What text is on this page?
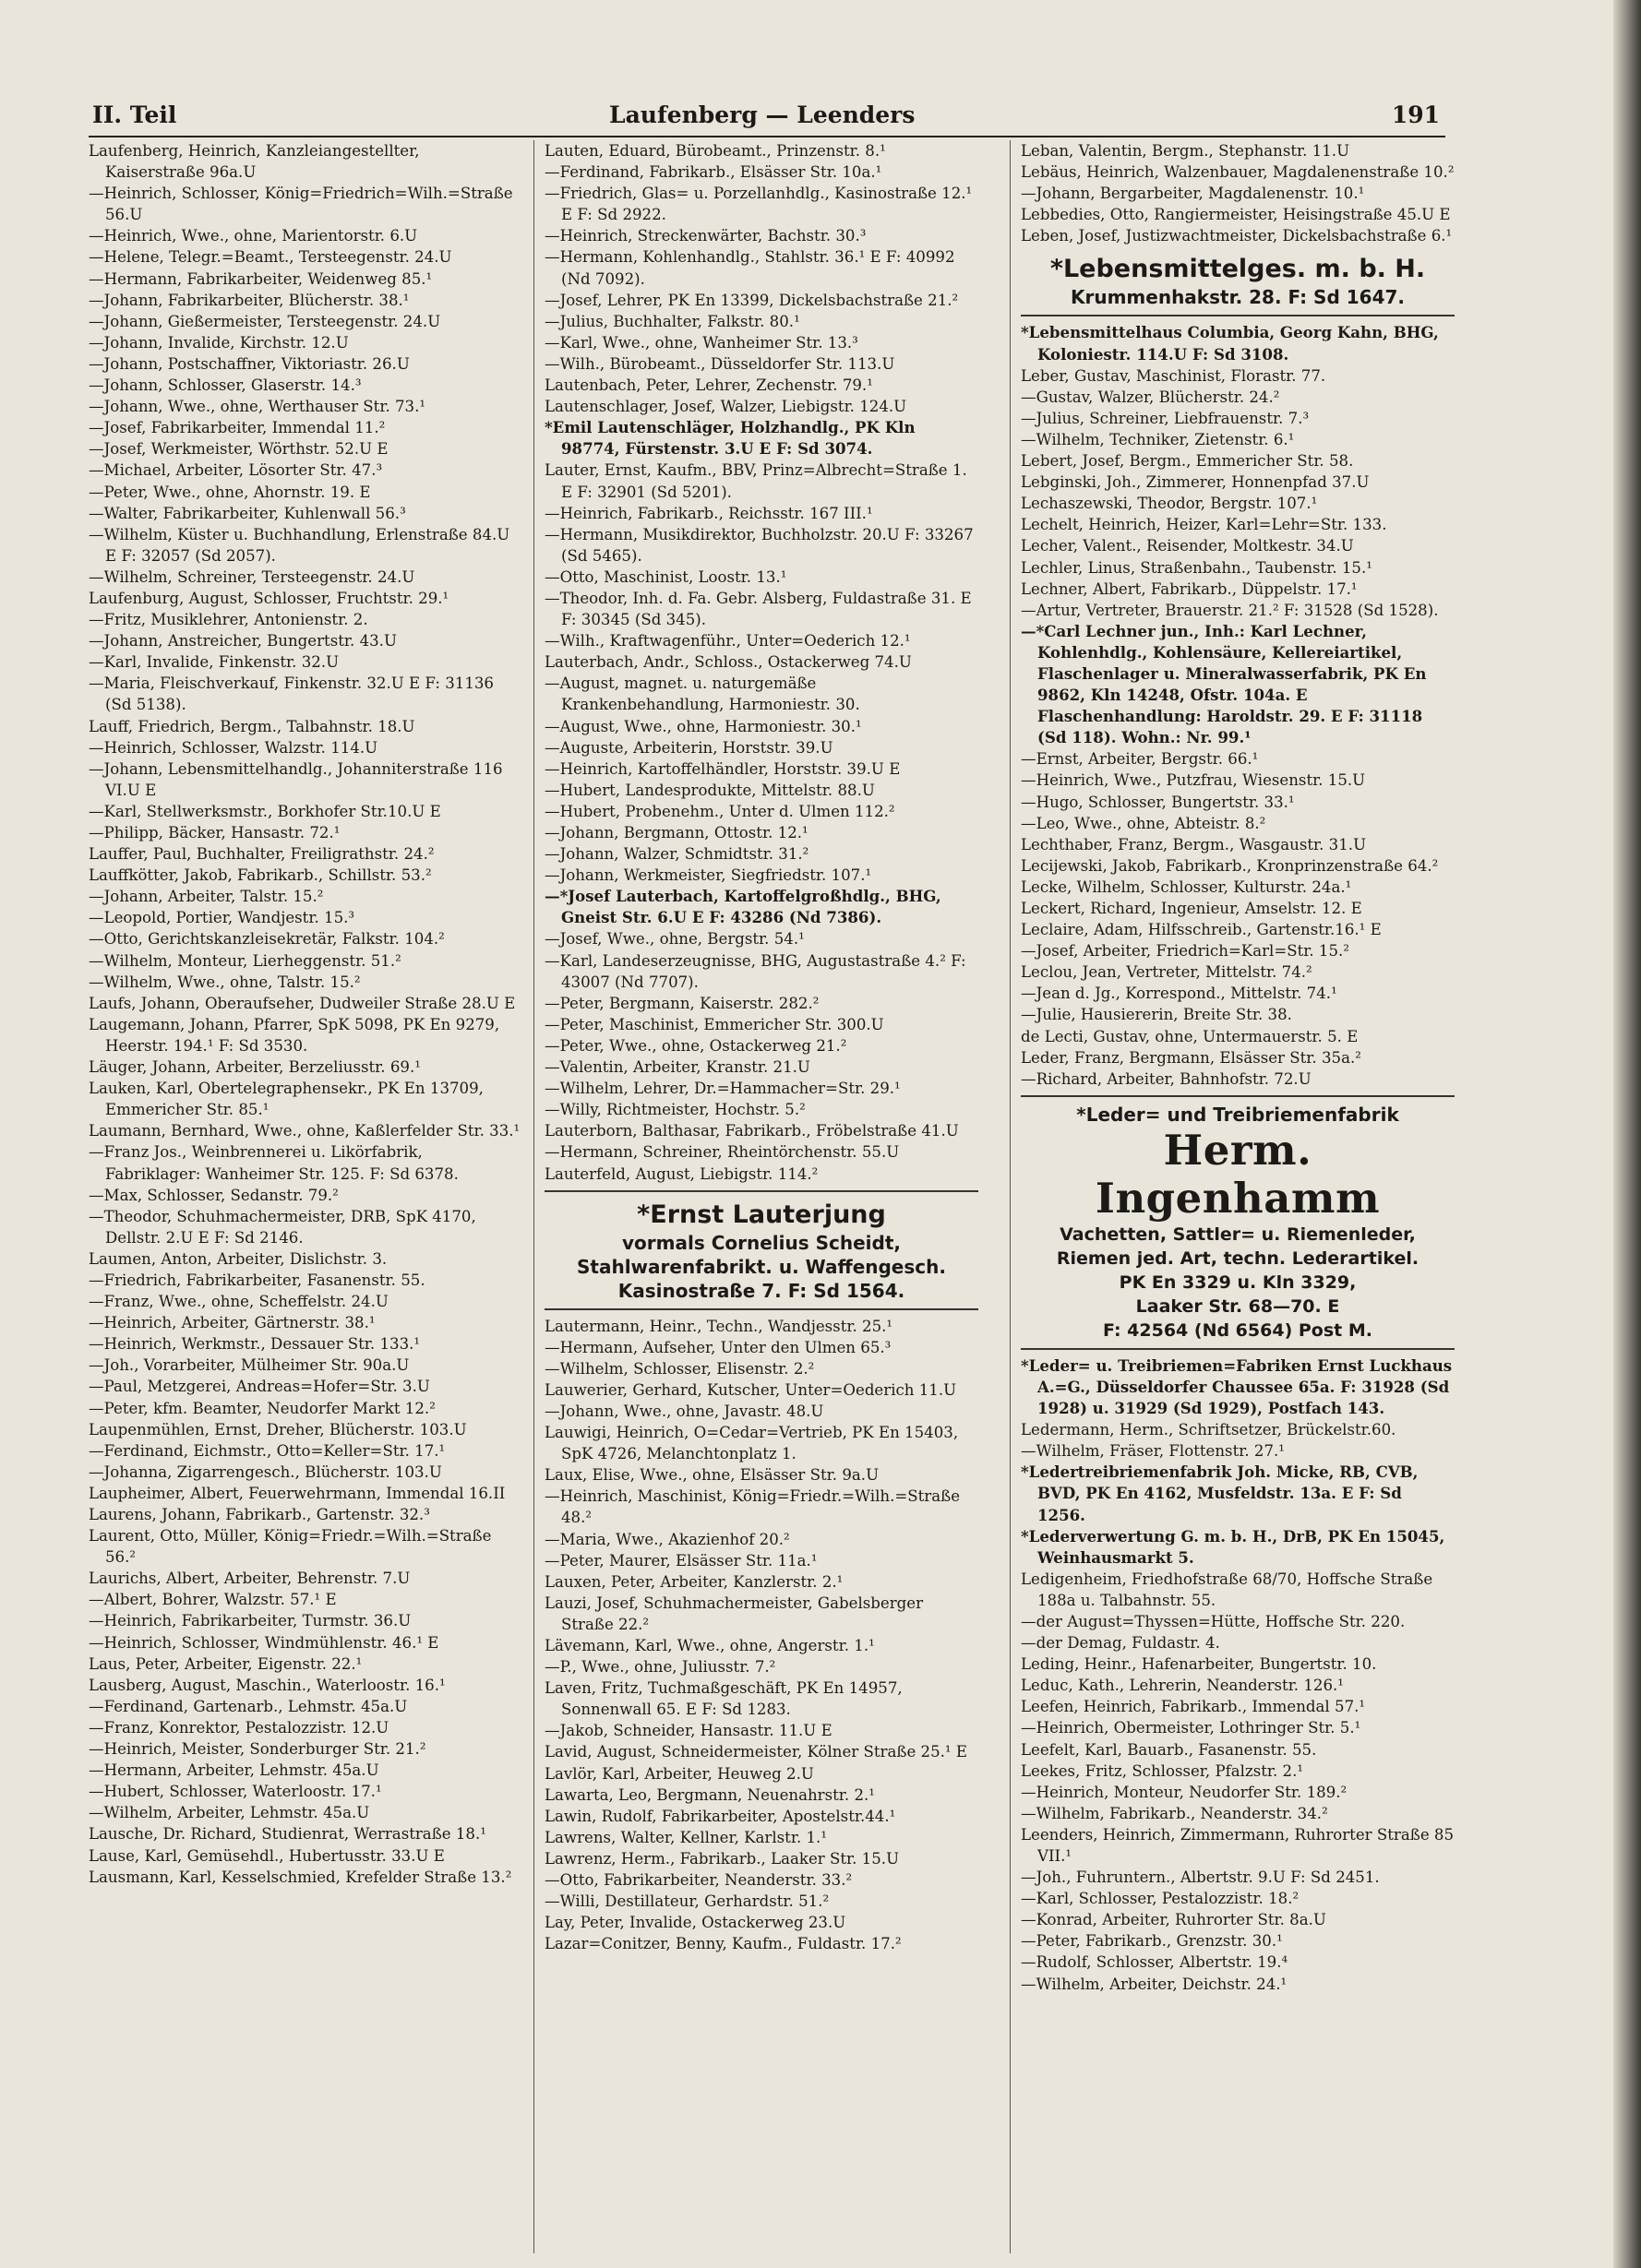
II. Teil	Laufenberg — Leenders	191

Laufenberg, Heinrich, Kanzleiangestellter, Kaiserstraße 96a.U

—Heinrich, Schlosser, König=Friedrich=Wilh.=Straße 56.U

—Heinrich, Wwe., ohne, Marientorstr. 6.U

—Helene, Telegr.=Beamt., Tersteegenstr. 24.U

—Hermann, Fabrikarbeiter, Weidenweg 85.¹

—Johann, Fabrikarbeiter, Blücherstr. 38.¹

—Johann, Gießermeister, Tersteegenstr. 24.U

—Johann, Invalide, Kirchstr. 12.U

—Johann, Postschaffner, Viktoriastr. 26.U

—Johann, Schlosser, Glaserstr. 14.³

—Johann, Wwe., ohne, Werthauser Str. 73.¹

—Josef, Fabrikarbeiter, Immendal 11.²

—Josef, Werkmeister, Wörthstr. 52.U E

—Michael, Arbeiter, Lösorter Str. 47.³

—Peter, Wwe., ohne, Ahornstr. 19. E

—Walter, Fabrikarbeiter, Kuhlenwall 56.³

—Wilhelm, Küster u. Buchhandlung, Erlenstraße 84.U E F: 32057 (Sd 2057).

—Wilhelm, Schreiner, Tersteegenstr. 24.U

Laufenburg, August, Schlosser, Fruchtstr. 29.¹

—Fritz, Musiklehrer, Antonienstr. 2.

—Johann, Anstreicher, Bungertstr. 43.U

—Karl, Invalide, Finkenstr. 32.U

—Maria, Fleischverkauf, Finkenstr. 32.U E F: 31136 (Sd 5138).

Lauff, Friedrich, Bergm., Talbahnstr. 18.U

—Heinrich, Schlosser, Walzstr. 114.U

—Johann, Lebensmittelhandlg., Johanniterstraße 116 VI.U E

—Karl, Stellwerksmstr., Borkhofer Str.10.U E

—Philipp, Bäcker, Hansastr. 72.¹

Lauffer, Paul, Buchhalter, Freiligrathstr. 24.²

Lauffkötter, Jakob, Fabrikarb., Schillstr. 53.²

—Johann, Arbeiter, Talstr. 15.²

—Leopold, Portier, Wandjestr. 15.³

—Otto, Gerichtskanzleisekretär, Falkstr. 104.²

—Wilhelm, Monteur, Lierheggenstr. 51.²

—Wilhelm, Wwe., ohne, Talstr. 15.²

Laufs, Johann, Oberaufseher, Dudweiler Straße 28.U E

Laugemann, Johann, Pfarrer, SpK 5098, PK En 9279, Heerstr. 194.¹ F: Sd 3530.

Läuger, Johann, Arbeiter, Berzeliusstr. 69.¹

Lauken, Karl, Obertelegraphensekr., PK En 13709, Emmericher Str. 85.¹

Laumann, Bernhard, Wwe., ohne, Kaßlerfelder Str. 33.¹

—Franz Jos., Weinbrennerei u. Likörfabrik, Fabriklager: Wanheimer Str. 125. F: Sd 6378.

—Max, Schlosser, Sedanstr. 79.²

—Theodor, Schuhmachermeister, DRB, SpK 4170, Dellstr. 2.U E F: Sd 2146.

Laumen, Anton, Arbeiter, Dislichstr. 3.

—Friedrich, Fabrikarbeiter, Fasanenstr. 55.

—Franz, Wwe., ohne, Scheffelstr. 24.U

—Heinrich, Arbeiter, Gärtnerstr. 38.¹

—Heinrich, Werkmstr., Dessauer Str. 133.¹

—Joh., Vorarbeiter, Mülheimer Str. 90a.U

—Paul, Metzgerei, Andreas=Hofer=Str. 3.U

—Peter, kfm. Beamter, Neudorfer Markt 12.²

Laupenmühlen, Ernst, Dreher, Blücherstr. 103.U

—Ferdinand, Eichmstr., Otto=Keller=Str. 17.¹

—Johanna, Zigarrengesch., Blücherstr. 103.U

Laupheimer, Albert, Feuerwehrmann, Immendal 16.II

Laurens, Johann, Fabrikarb., Gartenstr. 32.³

Laurent, Otto, Müller, König=Friedr.=Wilh.=Straße 56.²

Laurichs, Albert, Arbeiter, Behrenstr. 7.U

—Albert, Bohrer, Walzstr. 57.¹ E

—Heinrich, Fabrikarbeiter, Turmstr. 36.U

—Heinrich, Schlosser, Windmühlenstr. 46.¹ E

Laus, Peter, Arbeiter, Eigenstr. 22.¹

Lausberg, August, Maschin., Waterloostr. 16.¹

—Ferdinand, Gartenarb., Lehmstr. 45a.U

—Franz, Konrektor, Pestalozzistr. 12.U

—Heinrich, Meister, Sonderburger Str. 21.²

—Hermann, Arbeiter, Lehmstr. 45a.U

—Hubert, Schlosser, Waterloostr. 17.¹

—Wilhelm, Arbeiter, Lehmstr. 45a.U

Lausche, Dr. Richard, Studienrat, Werrastraße 18.¹

Lause, Karl, Gemüsehdl., Hubertusstr. 33.U E

Lausmann, Karl, Kesselschmied, Krefelder Straße 13.²

Lauten, Eduard, Bürobeamt., Prinzenstr. 8.¹

—Ferdinand, Fabrikarb., Elsässer Str. 10a.¹

—Friedrich, Glas= u. Porzellanhdlg., Kasinostraße 12.¹ E F: Sd 2922.

—Heinrich, Streckenwärter, Bachstr. 30.³

—Hermann, Kohlenhandlg., Stahlstr. 36.¹ E F: 40992 (Nd 7092).

—Josef, Lehrer, PK En 13399, Dickelsbachstraße 21.²

—Julius, Buchhalter, Falkstr. 80.¹

—Karl, Wwe., ohne, Wanheimer Str. 13.³

—Wilh., Bürobeamt., Düsseldorfer Str. 113.U

Lautenbach, Peter, Lehrer, Zechenstr. 79.¹

Lautenschlager, Josef, Walzer, Liebigstr. 124.U

*Emil Lautenschläger, Holzhandlg., PK Kln 98774, Fürstenstr. 3.U E F: Sd 3074.

Lauter, Ernst, Kaufm., BBV, Prinz=Albrecht=Straße 1. E F: 32901 (Sd 5201).

—Heinrich, Fabrikarb., Reichsstr. 167 III.¹

—Hermann, Musikdirektor, Buchholzstr. 20.U F: 33267 (Sd 5465).

—Otto, Maschinist, Loostr. 13.¹

—Theodor, Inh. d. Fa. Gebr. Alsberg, Fuldastraße 31. E F: 30345 (Sd 345).

—Wilh., Kraftwagenführ., Unter=Oederich 12.¹

Lauterbach, Andr., Schloss., Ostackerweg 74.U

—August, magnet. u. naturgemäße Krankenbehandlung, Harmoniestr. 30.

—August, Wwe., ohne, Harmoniestr. 30.¹

—Auguste, Arbeiterin, Horststr. 39.U

—Heinrich, Kartoffelhändler, Horststr. 39.U E

—Hubert, Landesprodukte, Mittelstr. 88.U

—Hubert, Probenehm., Unter d. Ulmen 112.²

—Johann, Bergmann, Ottostr. 12.¹

—Johann, Walzer, Schmidtstr. 31.²

—Johann, Werkmeister, Siegfriedstr. 107.¹

—*Josef Lauterbach, Kartoffelgroßhdlg., BHG, Gneist Str. 6.U E F: 43286 (Nd 7386).

—Josef, Wwe., ohne, Bergstr. 54.¹

—Karl, Landeserzeugnisse, BHG, Augustastraße 4.² F: 43007 (Nd 7707).

—Peter, Bergmann, Kaiserstr. 282.²

—Peter, Maschinist, Emmericher Str. 300.U

—Peter, Wwe., ohne, Ostackerweg 21.²

—Valentin, Arbeiter, Kranstr. 21.U

—Wilhelm, Lehrer, Dr.=Hammacher=Str. 29.¹

—Willy, Richtmeister, Hochstr. 5.²

Lauterborn, Balthasar, Fabrikarb., Fröbelstraße 41.U

—Hermann, Schreiner, Rheintörchenstr. 55.U

Lauterfeld, August, Liebigstr. 114.²

*Ernst Lauterjung
vormals Cornelius Scheidt,
Stahlwarenfabrikt. u. Waffengesch.
Kasinostraße 7. F: Sd 1564.

Lautermann, Heinr., Techn., Wandjesstr. 25.¹

—Hermann, Aufseher, Unter den Ulmen 65.³

—Wilhelm, Schlosser, Elisenstr. 2.²

Lauwerier, Gerhard, Kutscher, Unter=Oederich 11.U

—Johann, Wwe., ohne, Javastr. 48.U

Lauwigi, Heinrich, O=Cedar=Vertrieb, PK En 15403, SpK 4726, Melanchtonplatz 1.

Laux, Elise, Wwe., ohne, Elsässer Str. 9a.U

—Heinrich, Maschinist, König=Friedr.=Wilh.=Straße 48.²

—Maria, Wwe., Akazienhof 20.²

—Peter, Maurer, Elsässer Str. 11a.¹

Lauxen, Peter, Arbeiter, Kanzlerstr. 2.¹

Lauzi, Josef, Schuhmachermeister, Gabelsberger Straße 22.²

Lävemann, Karl, Wwe., ohne, Angerstr. 1.¹

—P., Wwe., ohne, Juliusstr. 7.²

Laven, Fritz, Tuchmaßgeschäft, PK En 14957, Sonnenwall 65. E F: Sd 1283.

—Jakob, Schneider, Hansastr. 11.U E

Lavid, August, Schneidermeister, Kölner Straße 25.¹ E

Lavlör, Karl, Arbeiter, Heuweg 2.U

Lawarta, Leo, Bergmann, Neuenahrstr. 2.¹

Lawin, Rudolf, Fabrikarbeiter, Apostelstr.44.¹

Lawrens, Walter, Kellner, Karlstr. 1.¹

Lawrenz, Herm., Fabrikarb., Laaker Str. 15.U

—Otto, Fabrikarbeiter, Neanderstr. 33.²

—Willi, Destillateur, Gerhardstr. 51.²

Lay, Peter, Invalide, Ostackerweg 23.U

Lazar=Conitzer, Benny, Kaufm., Fuldastr. 17.²

Leban, Valentin, Bergm., Stephanstr. 11.U

Lebäus, Heinrich, Walzenbauer, Magdalenenstraße 10.²

—Johann, Bergarbeiter, Magdalenenstr. 10.¹

Lebbedies, Otto, Rangiermeister, Heisingstraße 45.U E

Leben, Josef, Justizwachtmeister, Dickelsbachstraße 6.¹

*Lebensmittelges. m. b. H.
Krummenhakstr. 28. F: Sd 1647.

*Lebensmittelhaus Columbia, Georg Kahn, BHG, Koloniestr. 114.U F: Sd 3108.

Leber, Gustav, Maschinist, Florastr. 77.

—Gustav, Walzer, Blücherstr. 24.²

—Julius, Schreiner, Liebfrauenstr. 7.³

—Wilhelm, Techniker, Zietenstr. 6.¹

Lebert, Josef, Bergm., Emmericher Str. 58.

Lebginski, Joh., Zimmerer, Honnenpfad 37.U

Lechaszewski, Theodor, Bergstr. 107.¹

Lechelt, Heinrich, Heizer, Karl=Lehr=Str. 133.

Lecher, Valent., Reisender, Moltkestr. 34.U

Lechler, Linus, Straßenbahn., Taubenstr. 15.¹

Lechner, Albert, Fabrikarb., Düppelstr. 17.¹

—Artur, Vertreter, Brauerstr. 21.² F: 31528 (Sd 1528).

—*Carl Lechner jun., Inh.: Karl Lechner, Kohlenhdlg., Kohlensäure, Kellereiartikel, Flaschenlager u. Mineralwasserfabrik, PK En 9862, Kln 14248, Ofstr. 104a. E Flaschenhandlung: Haroldstr. 29. E F: 31118 (Sd 118). Wohn.: Nr. 99.¹

—Ernst, Arbeiter, Bergstr. 66.¹

—Heinrich, Wwe., Putzfrau, Wiesenstr. 15.U

—Hugo, Schlosser, Bungertstr. 33.¹

—Leo, Wwe., ohne, Abteistr. 8.²

Lechthaber, Franz, Bergm., Wasgaustr. 31.U

Lecijewski, Jakob, Fabrikarb., Kronprinzenstraße 64.²

Lecke, Wilhelm, Schlosser, Kulturstr. 24a.¹

Leckert, Richard, Ingenieur, Amselstr. 12. E

Leclaire, Adam, Hilfsschreib., Gartenstr.16.¹ E

—Josef, Arbeiter, Friedrich=Karl=Str. 15.²

Leclou, Jean, Vertreter, Mittelstr. 74.²

—Jean d. Jg., Korrespond., Mittelstr. 74.¹

—Julie, Hausiererin, Breite Str. 38.

de Lecti, Gustav, ohne, Untermauerstr. 5. E

Leder, Franz, Bergmann, Elsässer Str. 35a.²

—Richard, Arbeiter, Bahnhofstr. 72.U

*Leder= und Treibriemenfabrik
Herm. Ingenhamm
Vachetten, Sattler= u. Riemenleder,
Riemen jed. Art, techn. Lederartikel.
PK En 3329 u. Kln 3329,
Laaker Str. 68—70. E
F: 42564 (Nd 6564) Post M.

*Leder= u. Treibriemen=Fabriken Ernst Luckhaus A.=G., Düsseldorfer Chaussee 65a. F: 31928 (Sd 1928) u. 31929 (Sd 1929), Postfach 143.

Ledermann, Herm., Schriftsetzer, Brückelstr.60.

—Wilhelm, Fräser, Flottenstr. 27.¹

*Ledertreibriemenfabrik Joh. Micke, RB, CVB, BVD, PK En 4162, Musfeldstr. 13a. E F: Sd 1256.

*Lederverwertung G. m. b. H., DrB, PK En 15045, Weinhausmarkt 5.

Ledigenheim, Friedhofstraße 68/70, Hoffsche Straße 188a u. Talbahnstr. 55.

—der August=Thyssen=Hütte, Hoffsche Str. 220.

—der Demag, Fuldastr. 4.

Leding, Heinr., Hafenarbeiter, Bungertstr. 10.

Leduc, Kath., Lehrerin, Neanderstr. 126.¹

Leefen, Heinrich, Fabrikarb., Immendal 57.¹

—Heinrich, Obermeister, Lothringer Str. 5.¹

Leefelt, Karl, Bauarb., Fasanenstr. 55.

Leekes, Fritz, Schlosser, Pfalzstr. 2.¹

—Heinrich, Monteur, Neudorfer Str. 189.²

—Wilhelm, Fabrikarb., Neanderstr. 34.²

Leenders, Heinrich, Zimmermann, Ruhrorter Straße 85 VII.¹

—Joh., Fuhruntern., Albertstr. 9.U F: Sd 2451.

—Karl, Schlosser, Pestalozzistr. 18.²

—Konrad, Arbeiter, Ruhrorter Str. 8a.U

—Peter, Fabrikarb., Grenzstr. 30.¹

—Rudolf, Schlosser, Albertstr. 19.⁴

—Wilhelm, Arbeiter, Deichstr. 24.¹
